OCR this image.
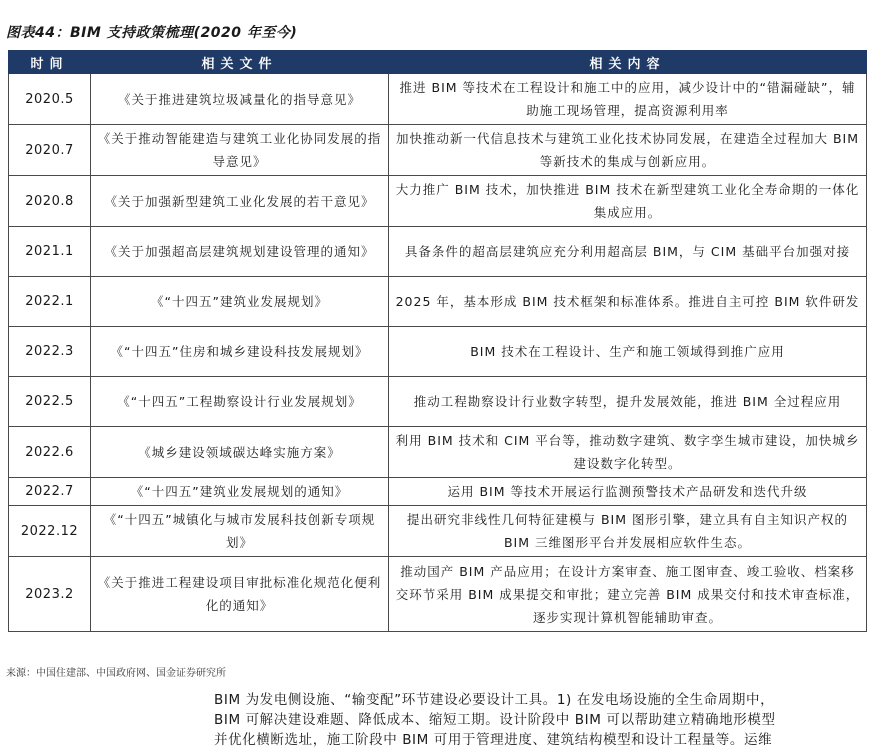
图表44：BIM 支持政策梳理(2020 年至今)
时间	相关文件	相关内容
2020.5	《关于推进建筑垃圾减量化的指导意见》	推进 BIM 等技术在工程设计和施工中的应用，减少设计中的“错漏碰缺”，辅助施工现场管理，提高资源利用率
2020.7	《关于推动智能建造与建筑工业化协同发展的指导意见》	加快推动新一代信息技术与建筑工业化技术协同发展，在建造全过程加大 BIM 等新技术的集成与创新应用。
2020.8	《关于加强新型建筑工业化发展的若干意见》	大力推广 BIM 技术，加快推进 BIM 技术在新型建筑工业化全寿命期的一体化集成应用。
2021.1	《关于加强超高层建筑规划建设管理的通知》	具备条件的超高层建筑应充分利用超高层 BIM，与 CIM 基础平台加强对接
2022.1	《“十四五”建筑业发展规划》	2025 年，基本形成 BIM 技术框架和标准体系。推进自主可控 BIM 软件研发
2022.3	《“十四五”住房和城乡建设科技发展规划》	BIM 技术在工程设计、生产和施工领域得到推广应用
2022.5	《“十四五”工程勘察设计行业发展规划》	推动工程勘察设计行业数字转型，提升发展效能，推进 BIM 全过程应用
2022.6	《城乡建设领域碳达峰实施方案》	利用 BIM 技术和 CIM 平台等，推动数字建筑、数字孪生城市建设，加快城乡建设数字化转型。
2022.7	《“十四五”建筑业发展规划的通知》	运用 BIM 等技术开展运行监测预警技术产品研发和迭代升级
2022.12	《“十四五”城镇化与城市发展科技创新专项规划》	提出研究非线性几何特征建模与 BIM 图形引擎，建立具有自主知识产权的 BIM 三维图形平台并发展相应软件生态。
2023.2	《关于推进工程建设项目审批标准化规范化便利化的通知》	推动国产 BIM 产品应用；在设计方案审查、施工图审查、竣工验收、档案移交环节采用 BIM 成果提交和审批；建立完善 BIM 成果交付和技术审查标准，逐步实现计算机智能辅助审查。
来源：中国住建部、中国政府网、国金证券研究所

BIM 为发电侧设施、“输变配”环节建设必要设计工具。1) 在发电场设施的全生命周期中，

BIM 可解决建设难题、降低成本、缩短工期。设计阶段中 BIM 可以帮助建立精确地形模型

并优化横断选址，施工阶段中 BIM 可用于管理进度、建筑结构模型和设计工程量等。运维
